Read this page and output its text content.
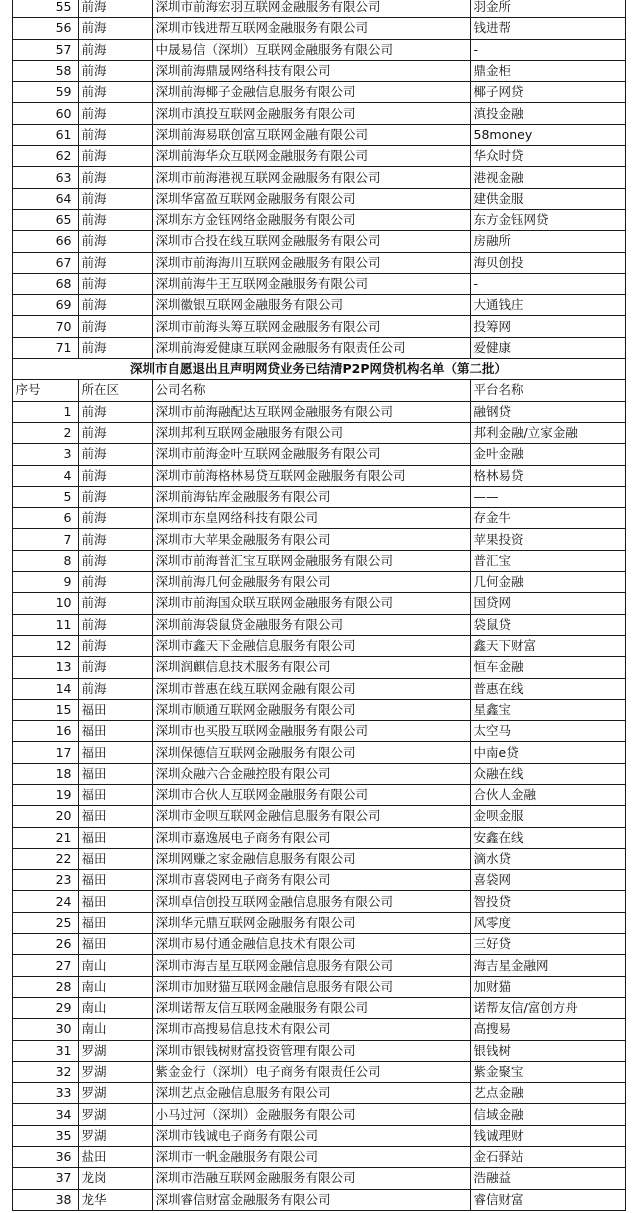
	55	前海	深圳市前海宏羽互联网金融服务有限公司	羽金所	
	56	前海	深圳市钱进帮互联网金融服务有限公司	钱进帮	
	57	前海	中晟易信（深圳）互联网金融服务有限公司	-	
	58	前海	深圳前海鼎晟网络科技有限公司	鼎金柜	
	59	前海	深圳前海椰子金融信息服务有限公司	椰子网贷	
	60	前海	深圳市滇投互联网金融服务有限公司	滇投金融	
	61	前海	深圳前海易联创富互联网金融有限公司	58money	
	62	前海	深圳前海华众互联网金融服务有限公司	华众时贷	
	63	前海	深圳市前海港视互联网金融服务有限公司	港视金融	
	64	前海	深圳华富盈互联网金融服务有限公司	建供金服	
	65	前海	深圳东方金钰网络金融服务有限公司	东方金钰网贷	
	66	前海	深圳市合投在线互联网金融服务有限公司	房融所	
	67	前海	深圳市前海海川互联网金融服务有限公司	海贝创投	
	68	前海	深圳前海牛王互联网金融服务有限公司	-	
	69	前海	深圳徽银互联网金融服务有限公司	大通钱庄	
	70	前海	深圳市前海头筹互联网金融服务有限公司	投筹网	
	71	前海	深圳前海爱健康互联网金融服务有限责任公司	爱健康	
	深圳市自愿退出且声明网贷业务已结清P2P网贷机构名单（第二批）				
	序号	所在区	公司名称	平台名称	
	1	前海	深圳市前海融配达互联网金融服务有限公司	融钢贷	
	2	前海	深圳邦利互联网金融服务有限公司	邦利金融/立家金融	
	3	前海	深圳市前海金叶互联网金融服务有限公司	金叶金融	
	4	前海	深圳市前海格林易贷互联网金融服务有限公司	格林易贷	
	5	前海	深圳前海钻库金融服务有限公司	——	
	6	前海	深圳市东皇网络科技有限公司	存金牛	
	7	前海	深圳市大苹果金融服务有限公司	苹果投资	
	8	前海	深圳市前海普汇宝互联网金融服务有限公司	普汇宝	
	9	前海	深圳前海几何金融服务有限公司	几何金融	
	10	前海	深圳市前海国众联互联网金融服务有限公司	国贷网	
	11	前海	深圳前海袋鼠贷金融服务有限公司	袋鼠贷	
	12	前海	深圳市鑫天下金融信息服务有限公司	鑫天下财富	
	13	前海	深圳润麒信息技术服务有限公司	恒车金融	
	14	前海	深圳市普惠在线互联网金融有限公司	普惠在线	
	15	福田	深圳市顺通互联网金融服务有限公司	星鑫宝	
	16	福田	深圳市也买股互联网金融服务有限公司	太空马	
	17	福田	深圳保德信互联网金融服务有限公司	中南e贷	
	18	福田	深圳众融六合金融控股有限公司	众融在线	
	19	福田	深圳市合伙人互联网金融服务有限公司	合伙人金融	
	20	福田	深圳市金呗互联网金融信息服务有限公司	金呗金服	
	21	福田	深圳市嘉逸展电子商务有限公司	安鑫在线	
	22	福田	深圳网赚之家金融信息服务有限公司	滴水贷	
	23	福田	深圳市喜袋网电子商务有限公司	喜袋网	
	24	福田	深圳卓信创投互联网金融信息服务有限公司	智投贷	
	25	福田	深圳华元鼎互联网金融服务有限公司	风零度	
	26	福田	深圳市易付通金融信息技术有限公司	三好贷	
	27	南山	深圳市海吉星互联网金融信息服务有限公司	海吉星金融网	
	28	南山	深圳市加财猫互联网金融信息服务有限公司	加财猫	
	29	南山	深圳诺帮友信互联网金融服务有限公司	诺帮友信/富创方舟	
	30	南山	深圳市高搜易信息技术有限公司	高搜易	
	31	罗湖	深圳市银钱树财富投资管理有限公司	银钱树	
	32	罗湖	紫金金行（深圳）电子商务有限责任公司	紫金聚宝	
	33	罗湖	深圳艺点金融信息服务有限公司	艺点金融	
	34	罗湖	小马过河（深圳）金融服务有限公司	信域金融	
	35	罗湖	深圳市钱诚电子商务有限公司	钱诚理财	
	36	盐田	深圳市一帆金融服务有限公司	金石驿站	
	37	龙岗	深圳市浩融互联网金融服务有限公司	浩融益	
	38	龙华	深圳睿信财富金融服务有限公司	睿信财富	
